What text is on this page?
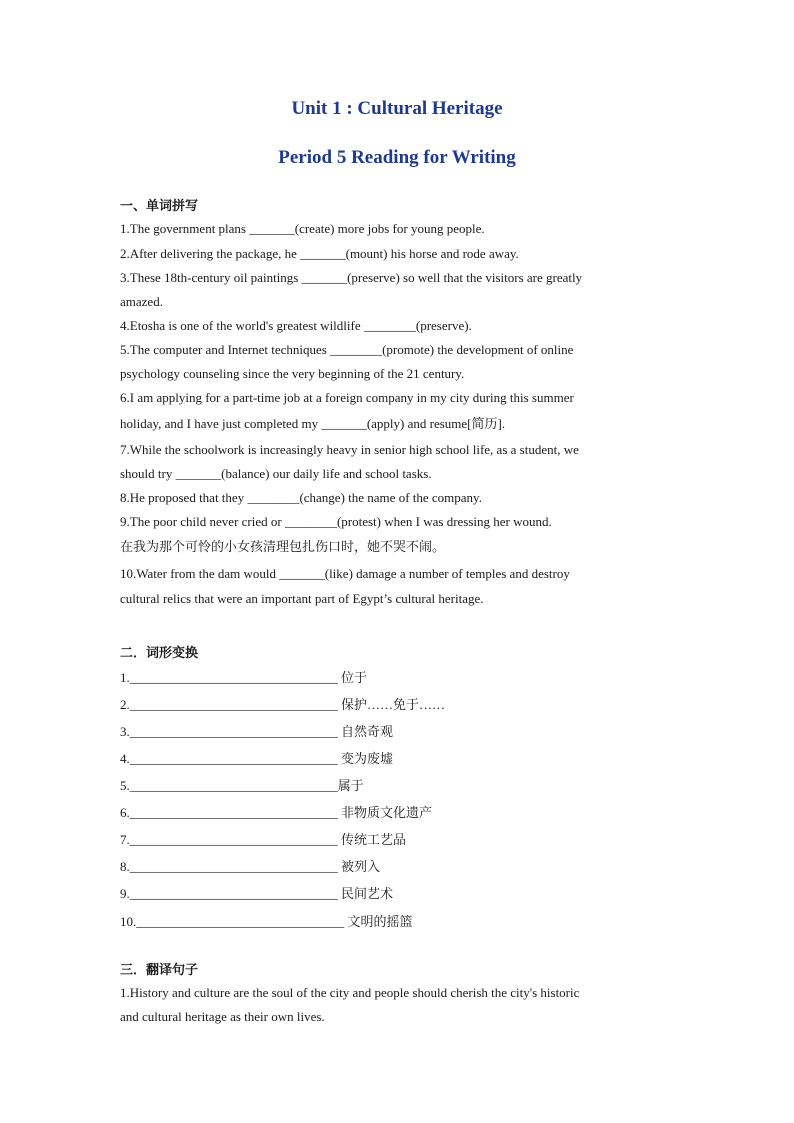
Unit 1 : Cultural Heritage
Period 5 Reading for Writing
一、单词拼写
1.The government plans _______(create) more jobs for young people.
2.After delivering the package, he _______(mount) his horse and rode away.
3.These 18th-century oil paintings _______(preserve) so well that the visitors are greatly
amazed.
4.Etosha is one of the world's greatest wildlife ________(preserve).
5.The computer and Internet techniques ________(promote) the development of online
psychology counseling since the very beginning of the 21 century.
6.I am applying for a part-time job at a foreign company in my city during this summer
holiday, and I have just completed my _______(apply) and resume[简历].
7.While the schoolwork is increasingly heavy in senior high school life, as a student, we
should try _______(balance) our daily life and school tasks.
8.He proposed that they ________(change) the name of the company.
9.The poor child never cried or ________(protest) when I was dressing her wound.
在我为那个可怜的小女孩清理包扎伤口时，她不哭不闹。
10.Water from the dam would _______(like) damage a number of temples and destroy
cultural relics that were an important part of Egypt’s cultural heritage.
二．词形变换
1.________________________________ 位于
2.________________________________ 保护……免于……
3.________________________________ 自然奇观
4.________________________________ 变为废墟
5.________________________________属于
6.________________________________ 非物质文化遗产
7.________________________________ 传统工艺品
8.________________________________ 被列入
9.________________________________ 民间艺术
10.________________________________ 文明的摇篮
三．翻译句子
1.History and culture are the soul of the city and people should cherish the city's historic
and cultural heritage as their own lives.
